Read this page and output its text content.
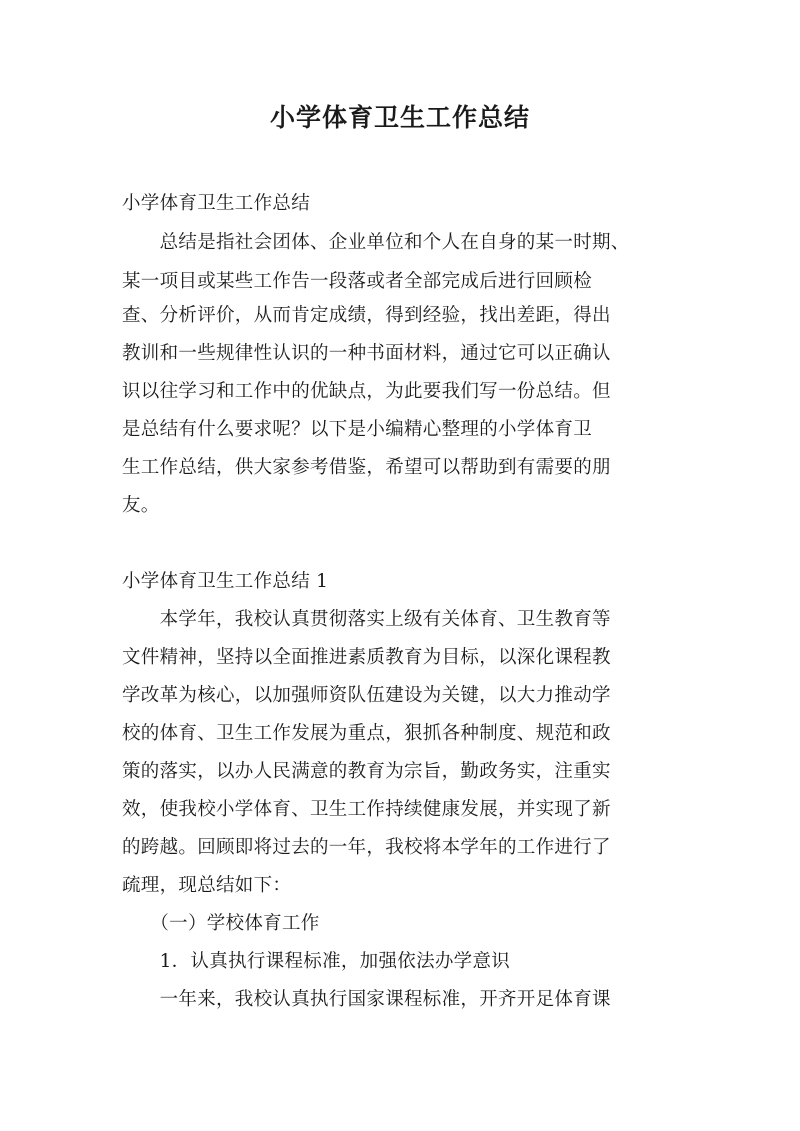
小学体育卫生工作总结
小学体育卫生工作总结
　　总结是指社会团体、企业单位和个人在自身的某一时期、
某一项目或某些工作告一段落或者全部完成后进行回顾检
查、分析评价，从而肯定成绩，得到经验，找出差距，得出
教训和一些规律性认识的一种书面材料，通过它可以正确认
识以往学习和工作中的优缺点，为此要我们写一份总结。但
是总结有什么要求呢？以下是小编精心整理的小学体育卫
生工作总结，供大家参考借鉴，希望可以帮助到有需要的朋
友。
小学体育卫生工作总结 1
　　本学年，我校认真贯彻落实上级有关体育、卫生教育等
文件精神，坚持以全面推进素质教育为目标，以深化课程教
学改革为核心，以加强师资队伍建设为关键，以大力推动学
校的体育、卫生工作发展为重点，狠抓各种制度、规范和政
策的落实，以办人民满意的教育为宗旨，勤政务实，注重实
效，使我校小学体育、卫生工作持续健康发展，并实现了新
的跨越。回顾即将过去的一年，我校将本学年的工作进行了
疏理，现总结如下：
　　（一）学校体育工作
　　1．认真执行课程标准，加强依法办学意识
　　一年来，我校认真执行国家课程标准，开齐开足体育课
